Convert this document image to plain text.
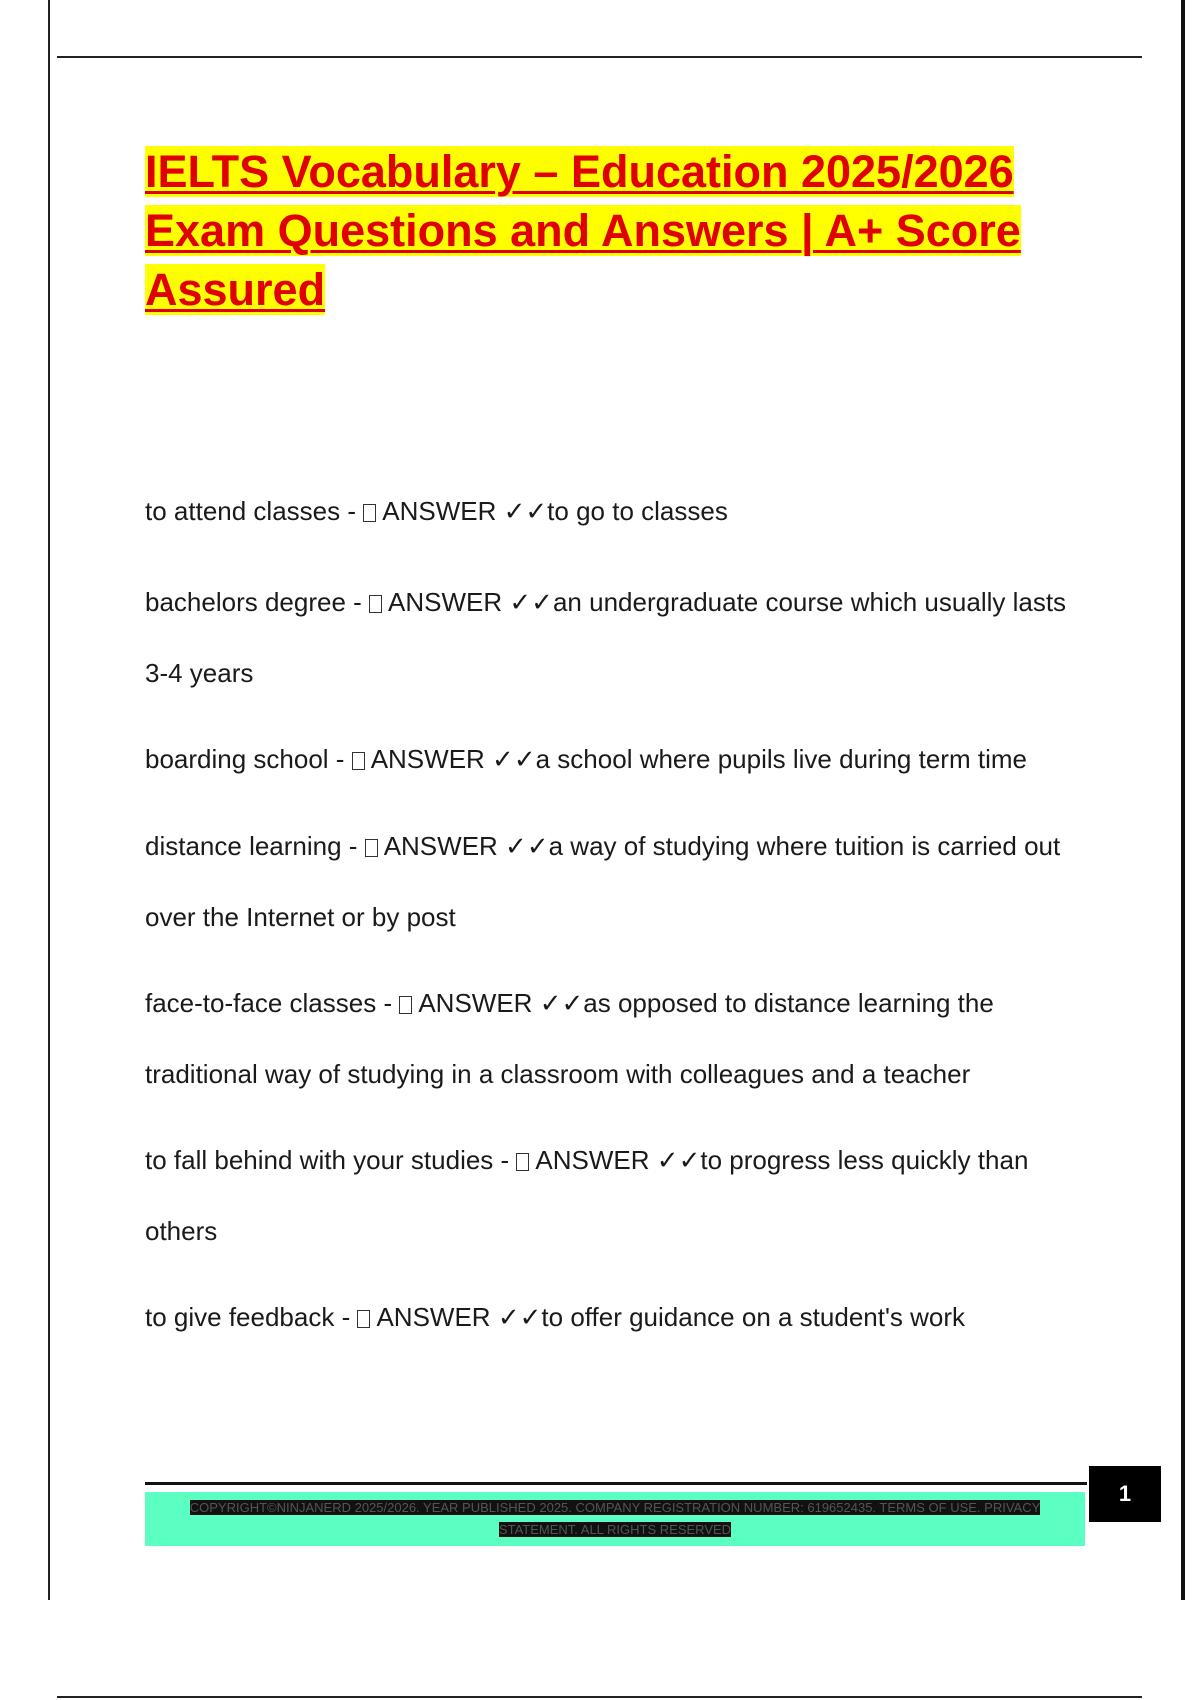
IELTS Vocabulary – Education 2025/2026 Exam Questions and Answers | A+ Score Assured
to attend classes - ANSWER ✓✓to go to classes
bachelors degree - ANSWER ✓✓an undergraduate course which usually lasts 3-4 years
boarding school - ANSWER ✓✓a school where pupils live during term time
distance learning - ANSWER ✓✓a way of studying where tuition is carried out over the Internet or by post
face-to-face classes - ANSWER ✓✓as opposed to distance learning the traditional way of studying in a classroom with colleagues and a teacher
to fall behind with your studies - ANSWER ✓✓to progress less quickly than others
to give feedback - ANSWER ✓✓to offer guidance on a student's work
COPYRIGHT©NINJANERD 2025/2026. YEAR PUBLISHED 2025. COMPANY REGISTRATION NUMBER: 619652435. TERMS OF USE. PRIVACY STATEMENT. ALL RIGHTS RESERVED
1
